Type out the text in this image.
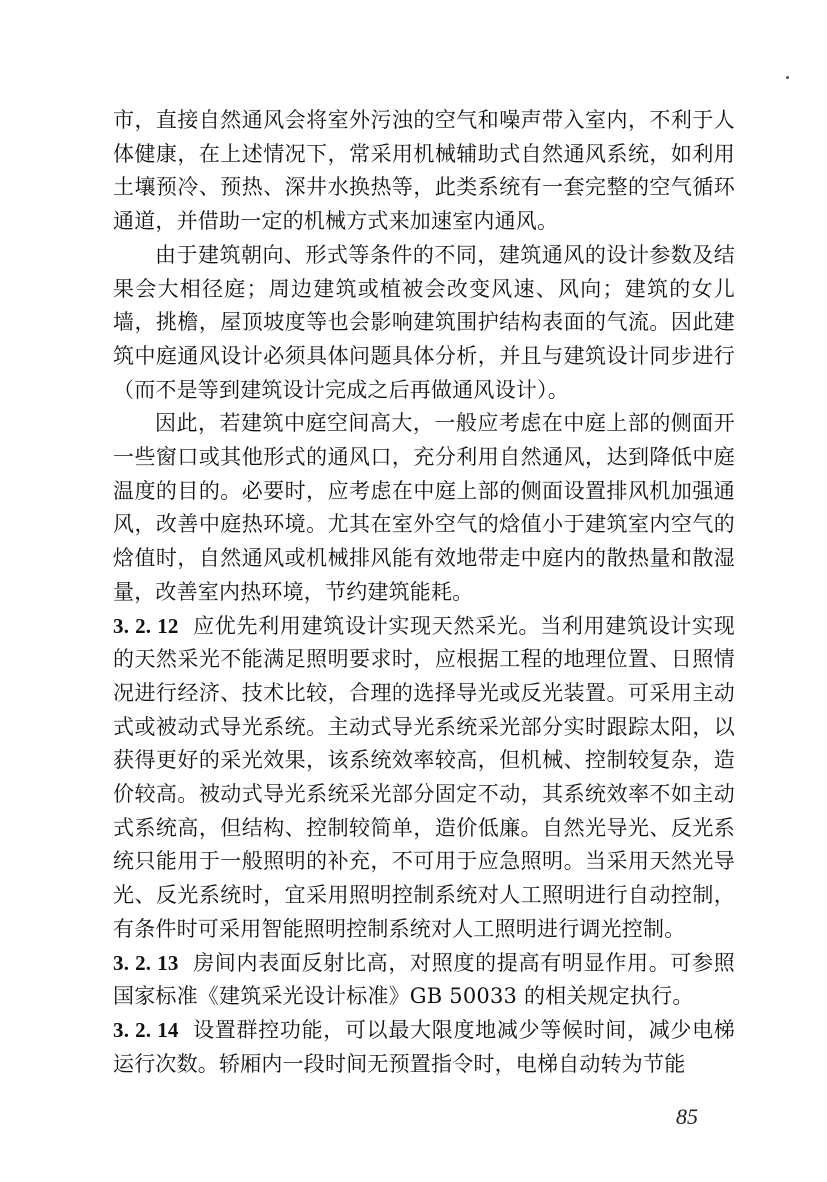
市，直接自然通风会将室外污浊的空气和噪声带入室内，不利于人体健康，在上述情况下，常采用机械辅助式自然通风系统，如利用土壤预冷、预热、深井水换热等，此类系统有一套完整的空气循环通道，并借助一定的机械方式来加速室内通风。

由于建筑朝向、形式等条件的不同，建筑通风的设计参数及结果会大相径庭；周边建筑或植被会改变风速、风向；建筑的女儿墙，挑檐，屋顶坡度等也会影响建筑围护结构表面的气流。因此建筑中庭通风设计必须具体问题具体分析，并且与建筑设计同步进行（而不是等到建筑设计完成之后再做通风设计）。

因此，若建筑中庭空间高大，一般应考虑在中庭上部的侧面开一些窗口或其他形式的通风口，充分利用自然通风，达到降低中庭温度的目的。必要时，应考虑在中庭上部的侧面设置排风机加强通风，改善中庭热环境。尤其在室外空气的焓值小于建筑室内空气的焓值时，自然通风或机械排风能有效地带走中庭内的散热量和散湿量，改善室内热环境，节约建筑能耗。

3. 2. 12 应优先利用建筑设计实现天然采光。当利用建筑设计实现的天然采光不能满足照明要求时，应根据工程的地理位置、日照情况进行经济、技术比较，合理的选择导光或反光装置。可采用主动式或被动式导光系统。主动式导光系统采光部分实时跟踪太阳，以获得更好的采光效果，该系统效率较高，但机械、控制较复杂，造价较高。被动式导光系统采光部分固定不动，其系统效率不如主动式系统高，但结构、控制较简单，造价低廉。自然光导光、反光系统只能用于一般照明的补充，不可用于应急照明。当采用天然光导光、反光系统时，宜采用照明控制系统对人工照明进行自动控制，有条件时可采用智能照明控制系统对人工照明进行调光控制。

3. 2. 13 房间内表面反射比高，对照度的提高有明显作用。可参照国家标准《建筑采光设计标准》GB 50033 的相关规定执行。

3. 2. 14 设置群控功能，可以最大限度地减少等候时间，减少电梯运行次数。轿厢内一段时间无预置指令时，电梯自动转为节能

85
